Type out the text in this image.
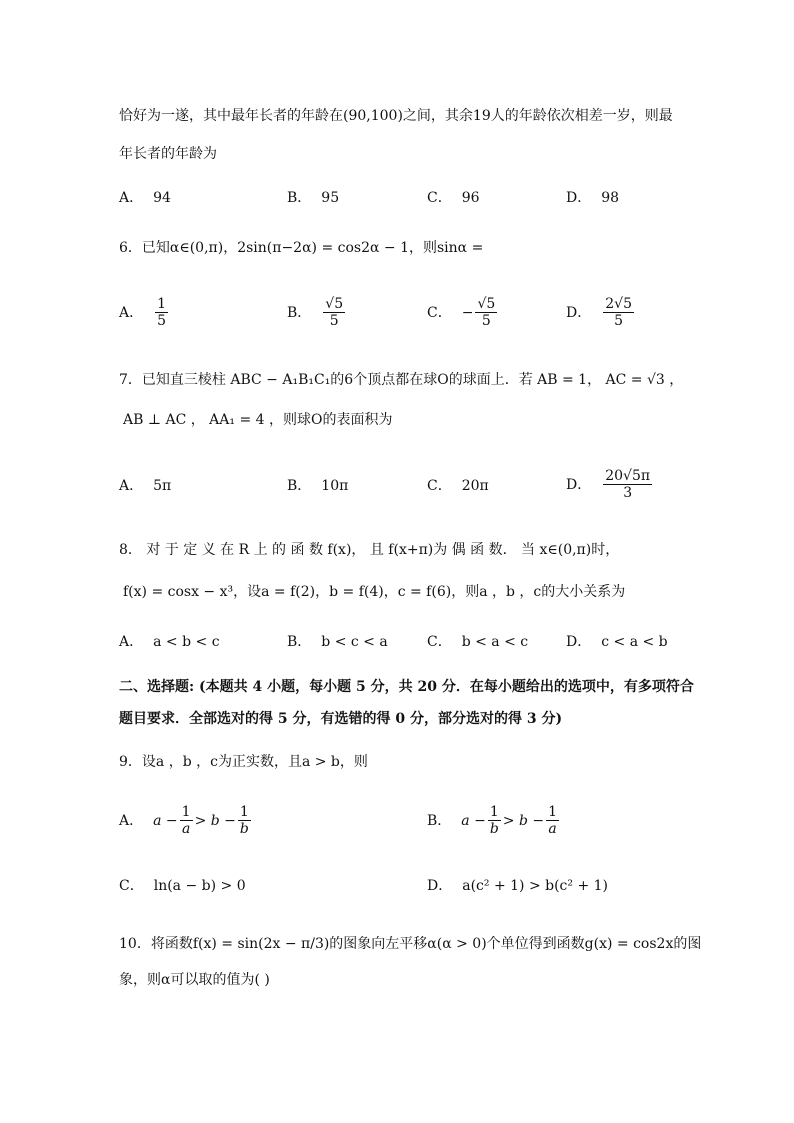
恰好为一遂，其中最年长者的年龄在(90,100)之间，其余19人的年龄依次相差一岁，则最
年长者的年龄为
A． 94	B． 95	C． 96	D． 98
6．已知α∈(0,π)，2sin(π−2α) = cos2α − 1，则sinα =
A． $\frac{1}{5}$	B． $\frac{√5}{5}$	C． − $\frac{√5}{5}$	D． $\frac{2√5}{5}$
7．已知直三棱柱 ABC − A₁B₁C₁的6个顶点都在球O的球面上．若 AB = 1， AC = √3 ，
AB ⊥ AC ， AA₁ = 4 ，则球O的表面积为
A． 5π	B． 10π	C． 20π	D． $\frac{20√5\pi}{3}$
8． 对 于 定 义 在 R 上 的 函 数 f(x)， 且 f(x+π)为 偶 函 数． 当 x∈(0,π)时，
f(x) = cosx − x³，设a = f(2)，b = f(4)，c = f(6)，则a ，b ，c的大小关系为
A． a < b < c	B． b < c < a	C． b < a < c	D． c < a < b
二、选择题: (本题共 4 小题，每小题 5 分，共 20 分．在每小题给出的选项中，有多项符合
题目要求．全部选对的得 5 分，有选错的得 0 分，部分选对的得 3 分)
9．设a ，b ，c为正实数，且a > b，则
A． $a - \frac{1}{a} > b - \frac{1}{b}$	B． $a - \frac{1}{b} > b - \frac{1}{a}$
C． ln(a − b) > 0	D． a(c² + 1) > b(c² + 1)
10．将函数f(x) = sin(2x − π/3)的图象向左平移α(α > 0)个单位得到函数g(x) = cos2x的图
象，则α可以取的值为( )
